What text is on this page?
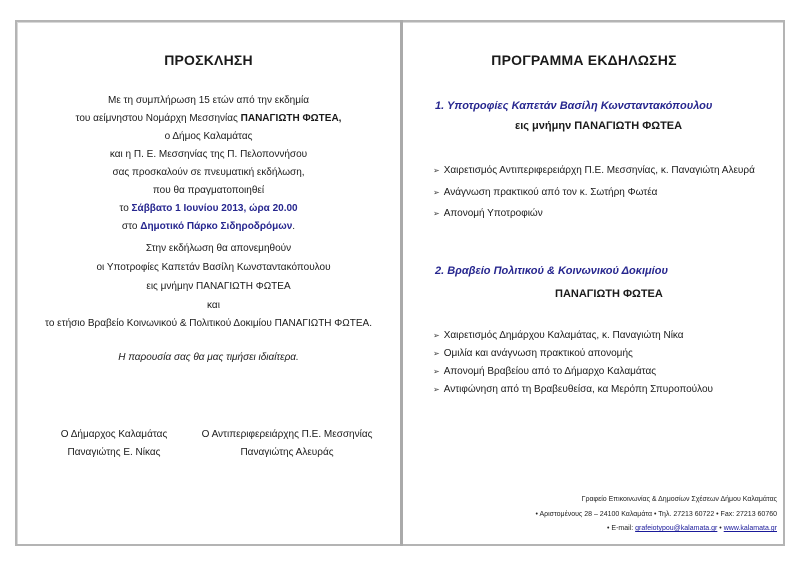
ΠΡΟΣΚΛΗΣΗ
Με τη συμπλήρωση 15 ετών από την εκδημία
του αείμνηστου Νομάρχη Μεσσηνίας ΠΑΝΑΓΙΩΤΗ ΦΩΤΕΑ,
ο Δήμος Καλαμάτας
και η Π. Ε. Μεσσηνίας της Π. Πελοποννήσου
σας προσκαλούν σε πνευματική εκδήλωση,
που θα πραγματοποιηθεί
το Σάββατο 1 Ιουνίου 2013, ώρα 20.00
στο Δημοτικό Πάρκο Σιδηροδρόμων.
Στην εκδήλωση θα απονεμηθούν
οι Υποτροφίες Καπετάν Βασίλη Κωνσταντακόπουλου
εις μνήμην ΠΑΝΑΓΙΩΤΗ ΦΩΤΕΑ
και
το ετήσιο Βραβείο Κοινωνικού & Πολιτικού Δοκιμίου ΠΑΝΑΓΙΩΤΗ ΦΩΤΕΑ.
Η παρουσία σας θα μας τιμήσει ιδιαίτερα.
Ο Δήμαρχος Καλαμάτας
Παναγιώτης Ε. Νίκας
Ο Αντιπεριφερειάρχης Π.Ε. Μεσσηνίας
Παναγιώτης Αλευράς
ΠΡΟΓΡΑΜΜΑ ΕΚΔΗΛΩΣΗΣ
1. Υποτροφίες Καπετάν Βασίλη Κωνσταντακόπουλου
εις μνήμην ΠΑΝΑΓΙΩΤΗ ΦΩΤΕΑ
➢ Χαιρετισμός Αντιπεριφερειάρχη Π.Ε. Μεσσηνίας, κ. Παναγιώτη Αλευρά
➢ Ανάγνωση πρακτικού από τον κ. Σωτήρη Φωτέα
➢ Απονομή Υποτροφιών
2. Βραβείο Πολιτικού & Κοινωνικού Δοκιμίου
ΠΑΝΑΓΙΩΤΗ ΦΩΤΕΑ
➢ Χαιρετισμός Δημάρχου Καλαμάτας, κ. Παναγιώτη Νίκα
➢ Ομιλία και ανάγνωση πρακτικού απονομής
➢ Απονομή Βραβείου από το Δήμαρχο Καλαμάτας
➢ Αντιφώνηση από τη Βραβευθείσα, κα Μερόπη Σπυροπούλου
Γραφείο Επικοινωνίας & Δημοσίων Σχέσεων Δήμου Καλαμάτας
• Αριστομένους 28 – 24100 Καλαμάτα • Τηλ. 27213 60722 • Fax: 27213 60760
• E-mail: grafeiotypou@kalamata.gr • www.kalamata.gr
